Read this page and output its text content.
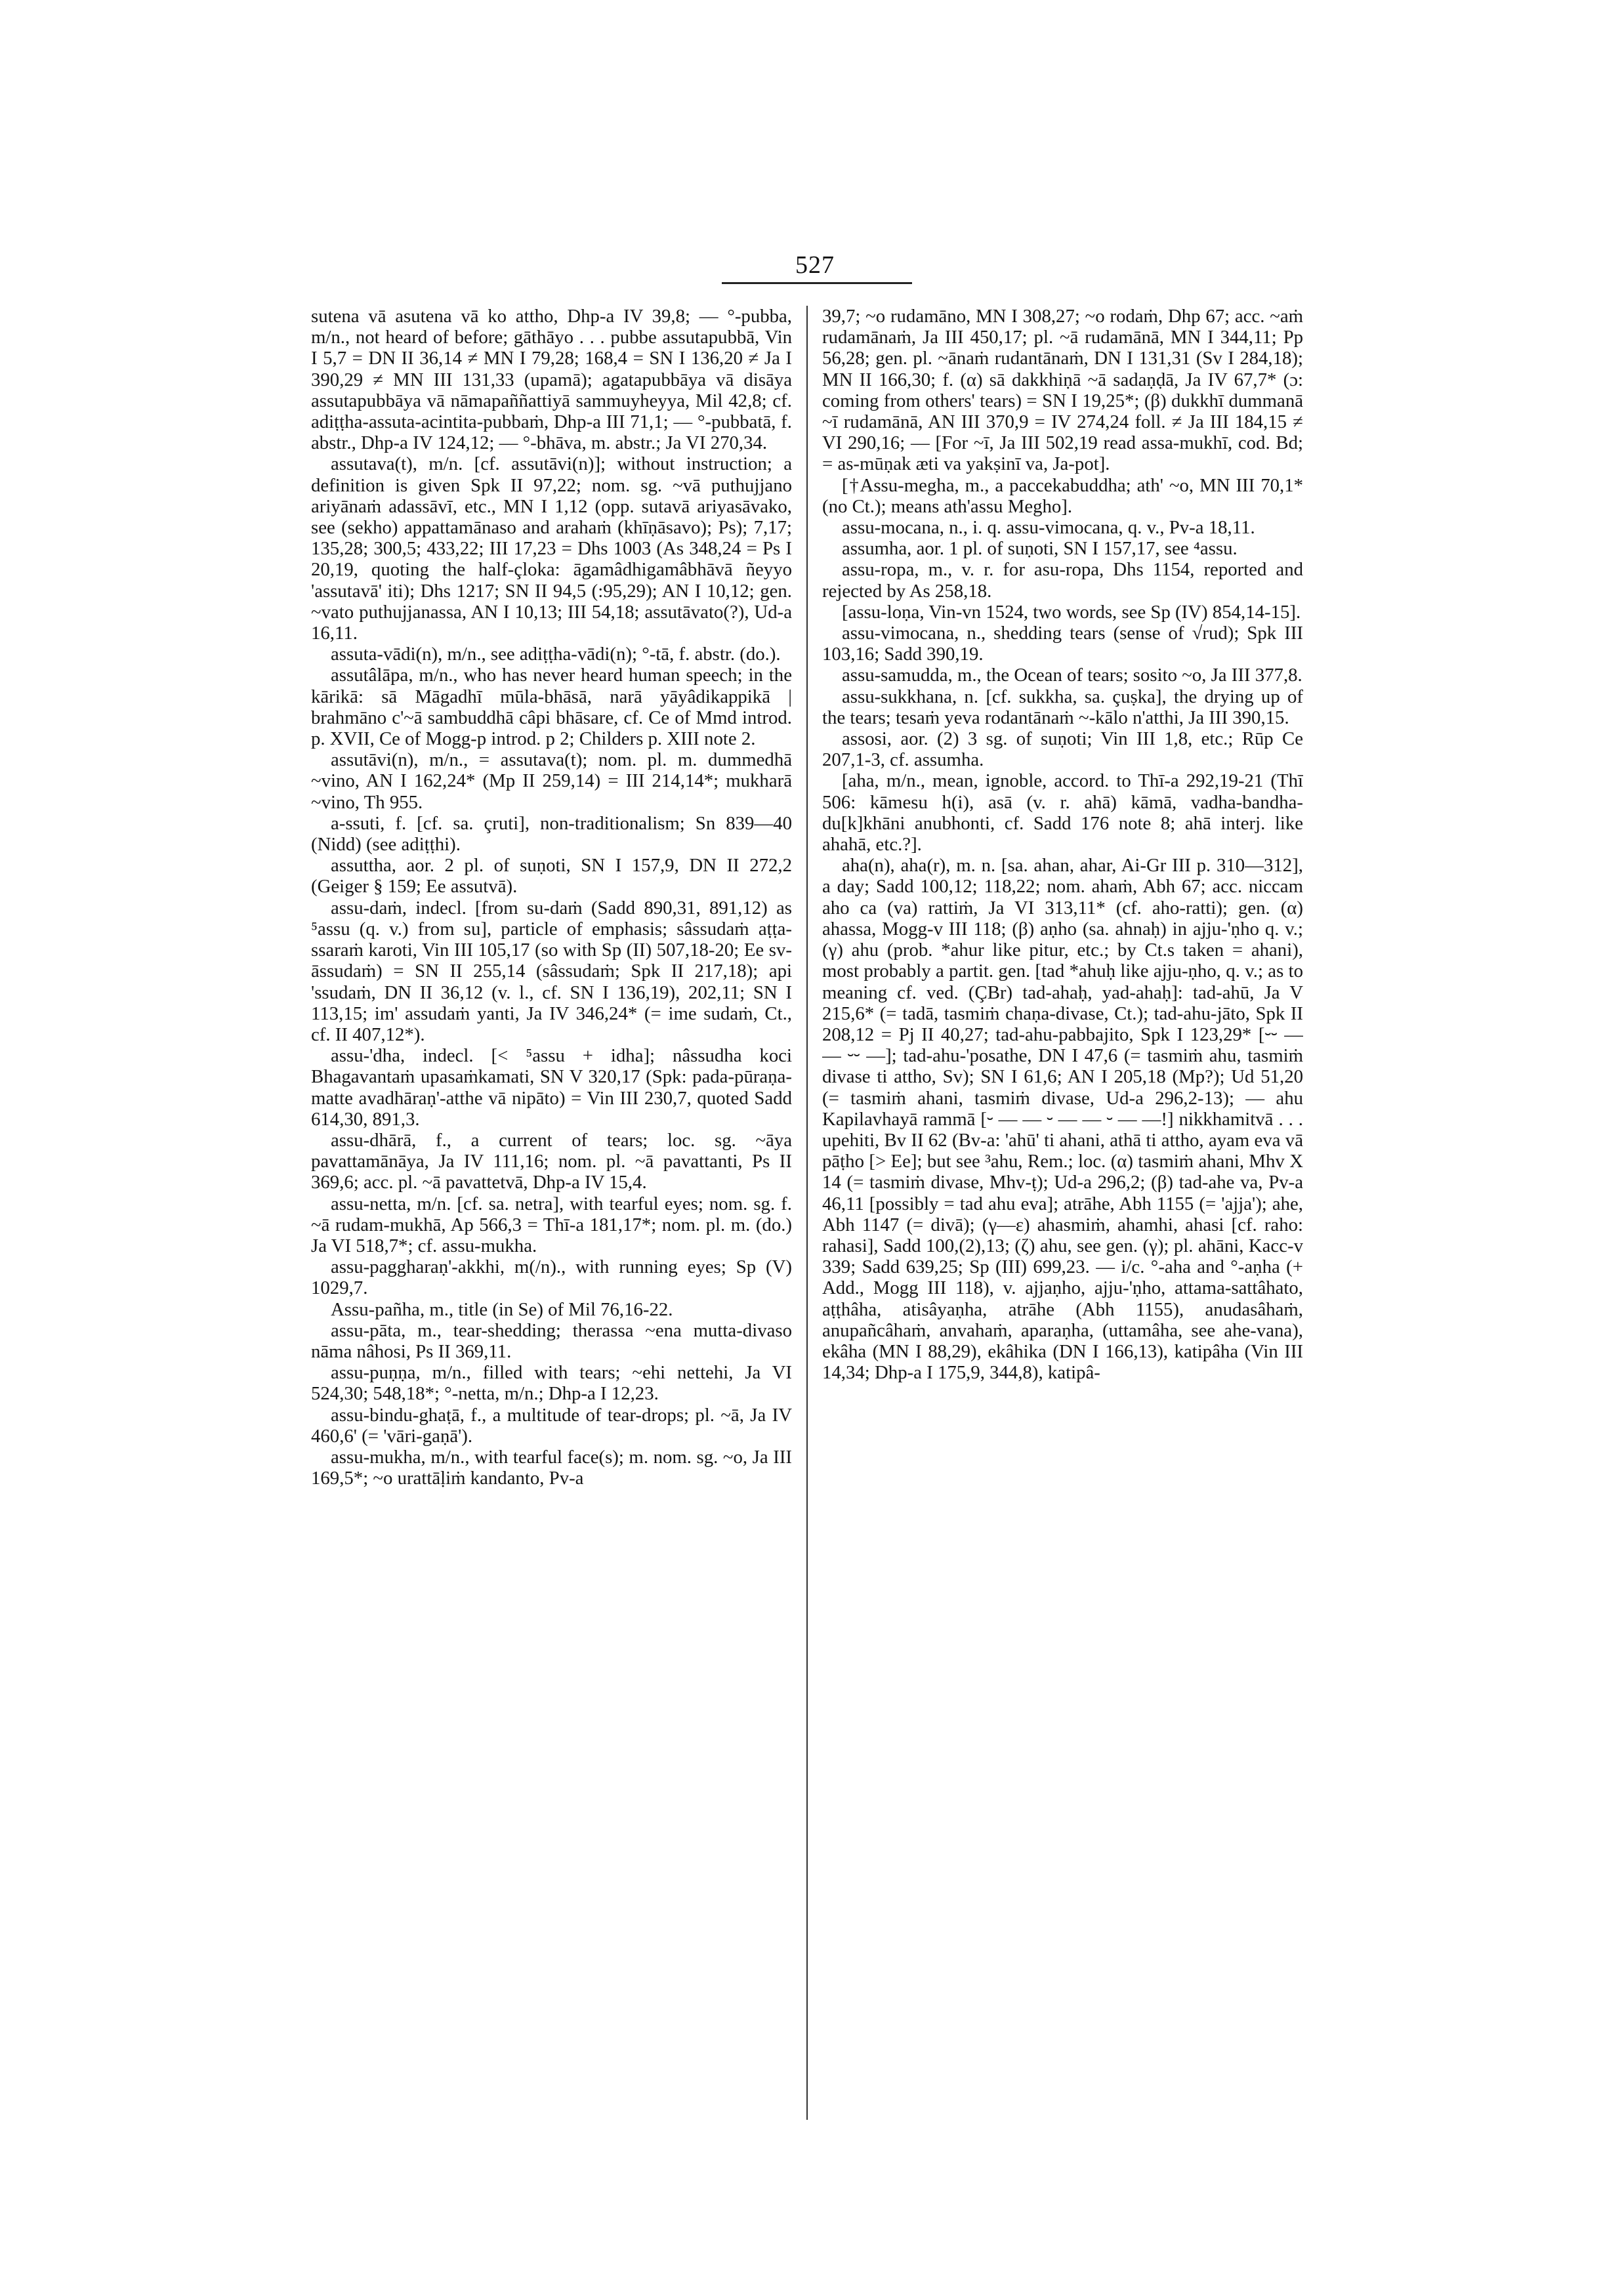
527

sutena vā asutena vā ko attho, Dhp-a IV 39,8; — °-pubba, m/n., not heard of before; gāthāyo . . . pubbe assutapubbā, Vin I 5,7 = DN II 36,14 ≠ MN I 79,28; 168,4 = SN I 136,20 ≠ Ja I 390,29 ≠ MN III 131,33 (upamā); agatapubbāya vā disāya assutapubbāya vā nāmapaññattiyā sammuyheyya, Mil 42,8; cf. adiṭṭha-assuta-acintita-pubbaṁ, Dhp-a III 71,1; — °-pubbatā, f. abstr., Dhp-a IV 124,12; — °-bhāva, m. abstr.; Ja VI 270,34.

assutava(t), m/n. [cf. assutāvi(n)]; without instruction; a definition is given Spk II 97,22; nom. sg. ~vā puthujjano ariyānaṁ adassāvī, etc., MN I 1,12 (opp. sutavā ariyasāvako, see (sekho) appattamānaso and arahaṁ (khīṇāsavo); Ps); 7,17; 135,28; 300,5; 433,22; III 17,23 = Dhs 1003 (As 348,24 = Ps I 20,19, quoting the half-çloka: āgamâdhigamâbhāvā ñeyyo 'assutavā' iti); Dhs 1217; SN II 94,5 (:95,29); AN I 10,12; gen. ~vato puthujjanassa, AN I 10,13; III 54,18; assutāvato(?), Ud-a 16,11.

assuta-vādi(n), m/n., see adiṭṭha-vādi(n); °-tā, f. abstr. (do.).

assutâlāpa, m/n., who has never heard human speech; in the kārikā: sā Māgadhī mūla-bhāsā, narā yāyâdikappikā | brahmāno c'~ā sambuddhā câpi bhāsare, cf. Ce of Mmd introd. p. XVII, Ce of Mogg-p introd. p 2; Childers p. XIII note 2.

assutāvi(n), m/n., = assutava(t); nom. pl. m. dummedhā ~vino, AN I 162,24* (Mp II 259,14) = III 214,14*; mukharā ~vino, Th 955.

a-ssuti, f. [cf. sa. çruti], non-traditionalism; Sn 839—40 (Nidd) (see adiṭṭhi).

assuttha, aor. 2 pl. of suṇoti, SN I 157,9, DN II 272,2 (Geiger § 159; Ee assutvā).

assu-daṁ, indecl. [from su-daṁ (Sadd 890,31, 891,12) as ⁵assu (q. v.) from su], particle of emphasis; sâssudaṁ aṭṭa-ssaraṁ karoti, Vin III 105,17 (so with Sp (II) 507,18-20; Ee sv-āssudaṁ) = SN II 255,14 (sâssudaṁ; Spk II 217,18); api 'ssudaṁ, DN II 36,12 (v. l., cf. SN I 136,19), 202,11; SN I 113,15; im' assudaṁ yanti, Ja IV 346,24* (= ime sudaṁ, Ct., cf. II 407,12*).

assu-'dha, indecl. [< ⁵assu + idha]; nâssudha koci Bhagavantaṁ upasaṁkamati, SN V 320,17 (Spk: pada-pūraṇa-matte avadhāraṇ'-atthe vā nipāto) = Vin III 230,7, quoted Sadd 614,30, 891,3.

assu-dhārā, f., a current of tears; loc. sg. ~āya pavattamānāya, Ja IV 111,16; nom. pl. ~ā pavattanti, Ps II 369,6; acc. pl. ~ā pavattetvā, Dhp-a IV 15,4.

assu-netta, m/n. [cf. sa. netra], with tearful eyes; nom. sg. f. ~ā rudam-mukhā, Ap 566,3 = Thī-a 181,17*; nom. pl. m. (do.) Ja VI 518,7*; cf. assu-mukha.

assu-paggharaṇ'-akkhi, m(/n)., with running eyes; Sp (V) 1029,7.

Assu-pañha, m., title (in Se) of Mil 76,16-22.

assu-pāta, m., tear-shedding; therassa ~ena mutta-divaso nāma nâhosi, Ps II 369,11.

assu-puṇṇa, m/n., filled with tears; ~ehi nettehi, Ja VI 524,30; 548,18*; °-netta, m/n.; Dhp-a I 12,23.

assu-bindu-ghaṭā, f., a multitude of tear-drops; pl. ~ā, Ja IV 460,6' (= 'vāri-gaṇā').

assu-mukha, m/n., with tearful face(s); m. nom. sg. ~o, Ja III 169,5*; ~o urattāḷiṁ kandanto, Pv-a

39,7; ~o rudamāno, MN I 308,27; ~o rodaṁ, Dhp 67; acc. ~aṁ rudamānaṁ, Ja III 450,17; pl. ~ā rudamānā, MN I 344,11; Pp 56,28; gen. pl. ~ānaṁ rudantānaṁ, DN I 131,31 (Sv I 284,18); MN II 166,30; f. (α) sā dakkhiṇā ~ā sadaṇḍā, Ja IV 67,7* (ɔ: coming from others' tears) = SN I 19,25*; (β) dukkhī dummanā ~ī rudamānā, AN III 370,9 = IV 274,24 foll. ≠ Ja III 184,15 ≠ VI 290,16; — [For ~ī, Ja III 502,19 read assa-mukhī, cod. Bd; = as-mūṇak æti va yakṣinī va, Ja-pot].

[†Assu-megha, m., a paccekabuddha; ath' ~o, MN III 70,1* (no Ct.); means ath'assu Megho].

assu-mocana, n., i. q. assu-vimocana, q. v., Pv-a 18,11.

assumha, aor. 1 pl. of suṇoti, SN I 157,17, see ⁴assu.

assu-ropa, m., v. r. for asu-ropa, Dhs 1154, reported and rejected by As 258,18.

[assu-loṇa, Vin-vn 1524, two words, see Sp (IV) 854,14-15].

assu-vimocana, n., shedding tears (sense of √rud); Spk III 103,16; Sadd 390,19.

assu-samudda, m., the Ocean of tears; sosito ~o, Ja III 377,8.

assu-sukkhana, n. [cf. sukkha, sa. çuṣka], the drying up of the tears; tesaṁ yeva rodantānaṁ ~-kālo n'atthi, Ja III 390,15.

assosi, aor. (2) 3 sg. of suṇoti; Vin III 1,8, etc.; Rūp Ce 207,1-3, cf. assumha.

[aha, m/n., mean, ignoble, accord. to Thī-a 292,19-21 (Thī 506: kāmesu h(i), asā (v. r. ahā) kāmā, vadha-bandha-du[k]khāni anubhonti, cf. Sadd 176 note 8; ahā interj. like ahahā, etc.?].

aha(n), aha(r), m. n. [sa. ahan, ahar, Ai-Gr III p. 310—312], a day; Sadd 100,12; 118,22; nom. ahaṁ, Abh 67; acc. niccam aho ca (va) rattiṁ, Ja VI 313,11* (cf. aho-ratti); gen. (α) ahassa, Mogg-v III 118; (β) aṇho (sa. ahnaḥ) in ajju-'ṇho q. v.; (γ) ahu (prob. *ahur like pitur, etc.; by Ct.s taken = ahani), most probably a partit. gen. [tad *ahuḥ like ajju-ṇho, q. v.; as to meaning cf. ved. (ÇBr) tad-ahaḥ, yad-ahaḥ]: tad-ahū, Ja V 215,6* (= tadā, tasmiṁ chaṇa-divase, Ct.); tad-ahu-jāto, Spk II 208,12 = Pj II 40,27; tad-ahu-pabbajito, Spk I 123,29* [⏑⏑ — — ⏑⏑ —]; tad-ahu-'posathe, DN I 47,6 (= tasmiṁ ahu, tasmiṁ divase ti attho, Sv); SN I 61,6; AN I 205,18 (Mp?); Ud 51,20 (= tasmiṁ ahani, tasmiṁ divase, Ud-a 296,2-13); — ahu Kapilavhayā rammā [⏑ — — ⏑ — — ⏑ — —!] nikkhamitvā . . . upehiti, Bv II 62 (Bv-a: 'ahū' ti ahani, athā ti attho, ayam eva vā pāṭho [> Ee]; but see ³ahu, Rem.; loc. (α) tasmiṁ ahani, Mhv X 14 (= tasmiṁ divase, Mhv-ṭ); Ud-a 296,2; (β) tad-ahe va, Pv-a 46,11 [possibly = tad ahu eva]; atrāhe, Abh 1155 (= 'ajja'); ahe, Abh 1147 (= divā); (γ—ε) ahasmiṁ, ahamhi, ahasi [cf. raho: rahasi], Sadd 100,(2),13; (ζ) ahu, see gen. (γ); pl. ahāni, Kacc-v 339; Sadd 639,25; Sp (III) 699,23. — i/c. °-aha and °-aṇha (+ Add., Mogg III 118), v. ajjaṇho, ajju-'ṇho, attama-sattâhato, aṭṭhâha, atisâyaṇha, atrāhe (Abh 1155), anudasâhaṁ, anupañcâhaṁ, anvahaṁ, aparaṇha, (uttamâha, see ahe-vana), ekâha (MN I 88,29), ekâhika (DN I 166,13), katipâha (Vin III 14,34; Dhp-a I 175,9, 344,8), katipâ-
